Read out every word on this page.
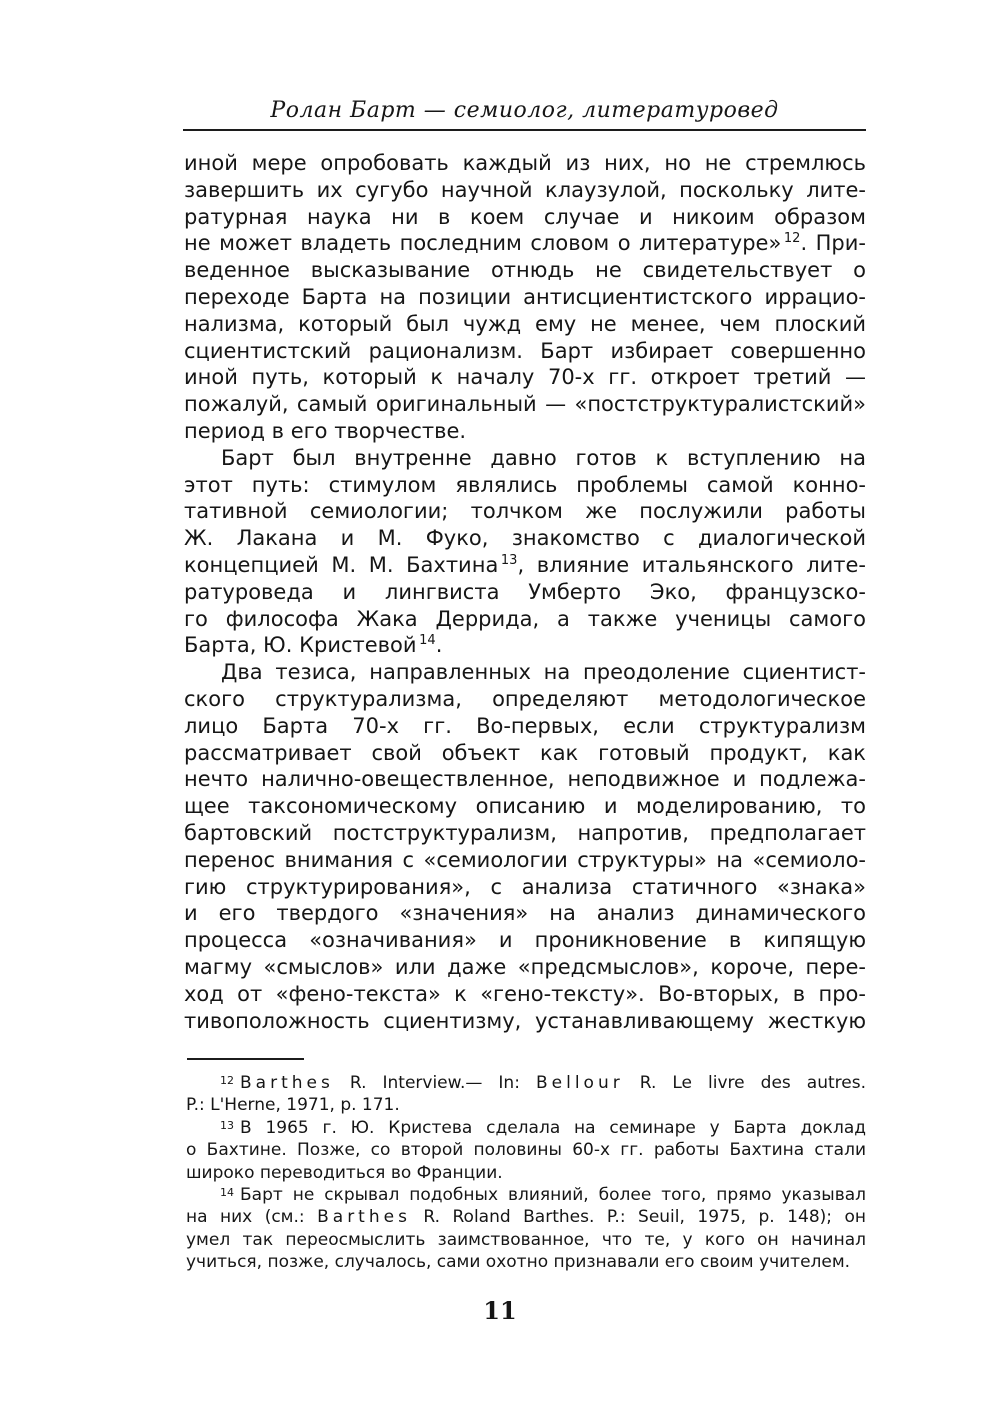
Ролан Барт — семиолог, литературовед
иной мере опробовать каждый из них, но не стремлюсь
завершить их сугубо научной клаузулой, поскольку лите-
ратурная наука ни в коем случае и никоим образом
не может владеть последним словом о литературе» $^{12}$. При-
веденное высказывание отнюдь не свидетельствует о
переходе Барта на позиции антисциентистского иррацио-
нализма, который был чужд ему не менее, чем плоский
сциентистский рационализм. Барт избирает совершенно
иной путь, который к началу 70-х гг. откроет третий —
пожалуй, самый оригинальный — «постструктуралистский»
период в его творчестве.
Барт был внутренне давно готов к вступлению на
этот путь: стимулом являлись проблемы самой конно-
тативной семиологии; толчком же послужили работы
Ж. Лакана и М. Фуко, знакомство с диалогической
концепцией М. М. Бахтина $^{13}$, влияние итальянского лите-
ратуроведа и лингвиста Умберто Эко, французско-
го философа Жака Деррида, а также ученицы самого
Барта, Ю. Кристевой $^{14}$.
Два тезиса, направленных на преодоление сциентист-
ского структурализма, определяют методологическое
лицо Барта 70-х гг. Во-первых, если структурализм
рассматривает свой объект как готовый продукт, как
нечто налично-овеществленное, неподвижное и подлежа-
щее таксономическому описанию и моделированию, то
бартовский постструктурализм, напротив, предполагает
перенос внимания с «семиологии структуры» на «семиоло-
гию структурирования», с анализа статичного «знака»
и его твердого «значения» на анализ динамического
процесса «означивания» и проникновение в кипящую
магму «смыслов» или даже «предсмыслов», короче, пере-
ход от «фено-текста» к «гено-тексту». Во-вторых, в про-
тивоположность сциентизму, устанавливающему жесткую
$^{12}$ Barthes R. Interview.— In: Bellour R. Le livre des autres.
P.: L'Herne, 1971, p. 171.
$^{13}$ В 1965 г. Ю. Кристева сделала на семинаре у Барта доклад
о Бахтине. Позже, со второй половины 60-х гг. работы Бахтина стали
широко переводиться во Франции.
$^{14}$ Барт не скрывал подобных влияний, более того, прямо указывал
на них (см.: Barthes R. Roland Barthes. P.: Seuil, 1975, p. 148); он
умел так переосмыслить заимствованное, что те, у кого он начинал
учиться, позже, случалось, сами охотно признавали его своим учителем.
11
